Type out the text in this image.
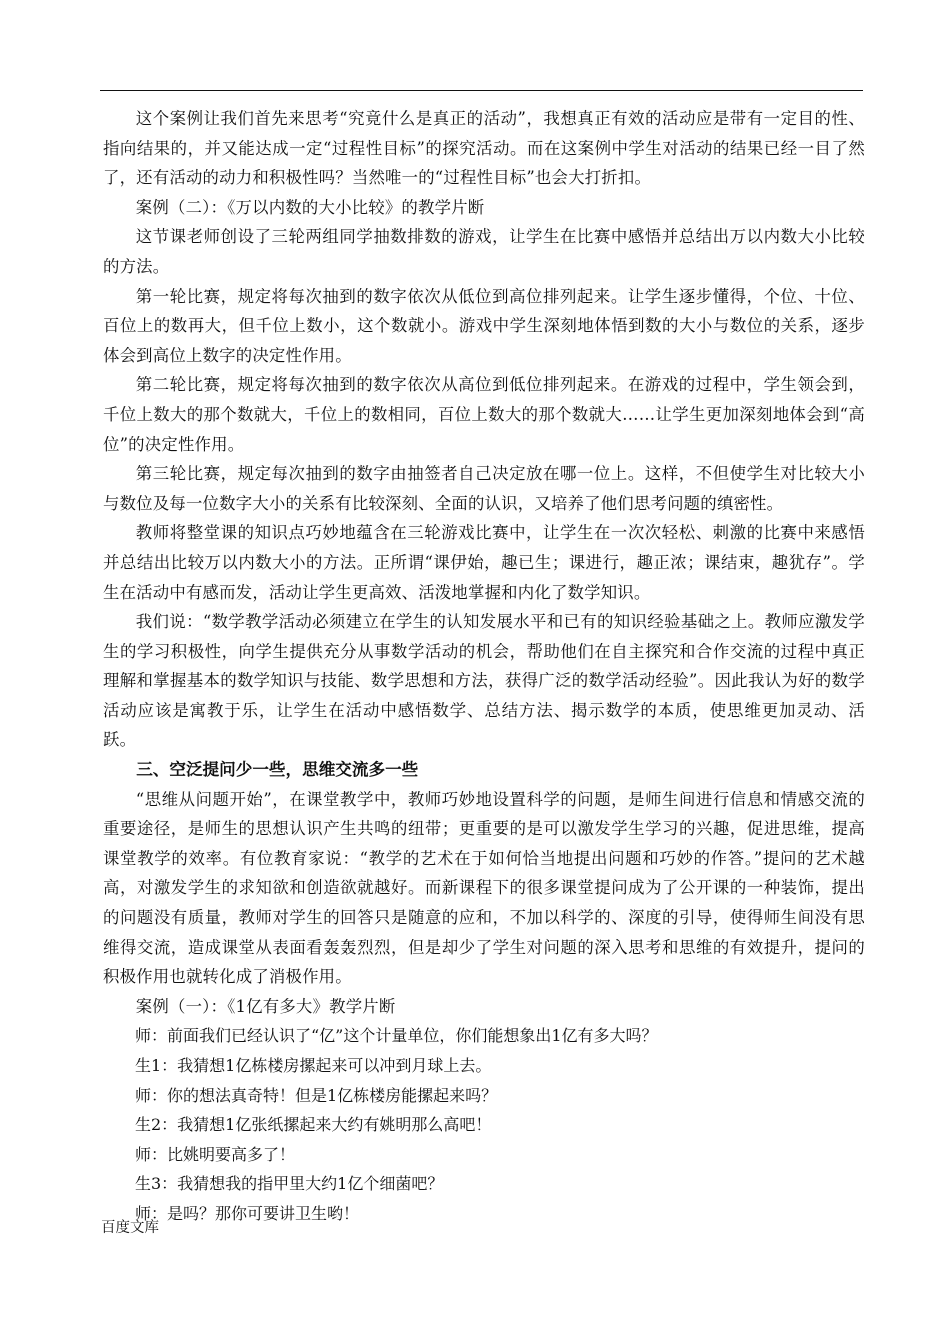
这个案例让我们首先来思考“究竟什么是真正的活动”，我想真正有效的活动应是带有一定目的性、指向结果的，并又能达成一定“过程性目标”的探究活动。而在这案例中学生对活动的结果已经一目了然了，还有活动的动力和积极性吗？当然唯一的“过程性目标”也会大打折扣。

案例（二）：《万以内数的大小比较》的教学片断

这节课老师创设了三轮两组同学抽数排数的游戏，让学生在比赛中感悟并总结出万以内数大小比较的方法。

第一轮比赛，规定将每次抽到的数字依次从低位到高位排列起来。让学生逐步懂得，个位、十位、百位上的数再大，但千位上数小，这个数就小。游戏中学生深刻地体悟到数的大小与数位的关系，逐步体会到高位上数字的决定性作用。

第二轮比赛，规定将每次抽到的数字依次从高位到低位排列起来。在游戏的过程中，学生领会到，千位上数大的那个数就大，千位上的数相同，百位上数大的那个数就大……让学生更加深刻地体会到“高位”的决定性作用。

第三轮比赛，规定每次抽到的数字由抽签者自己决定放在哪一位上。这样，不但使学生对比较大小与数位及每一位数字大小的关系有比较深刻、全面的认识，又培养了他们思考问题的缜密性。

教师将整堂课的知识点巧妙地蕴含在三轮游戏比赛中，让学生在一次次轻松、刺激的比赛中来感悟并总结出比较万以内数大小的方法。正所谓“课伊始，趣已生；课进行，趣正浓；课结束，趣犹存”。学生在活动中有感而发，活动让学生更高效、活泼地掌握和内化了数学知识。

我们说：“数学教学活动必须建立在学生的认知发展水平和已有的知识经验基础之上。教师应激发学生的学习积极性，向学生提供充分从事数学活动的机会，帮助他们在自主探究和合作交流的过程中真正理解和掌握基本的数学知识与技能、数学思想和方法，获得广泛的数学活动经验”。因此我认为好的数学活动应该是寓教于乐，让学生在活动中感悟数学、总结方法、揭示数学的本质，使思维更加灵动、活跃。

三、空泛提问少一些，思维交流多一些

“思维从问题开始”，在课堂教学中，教师巧妙地设置科学的问题，是师生间进行信息和情感交流的重要途径，是师生的思想认识产生共鸣的纽带；更重要的是可以激发学生学习的兴趣，促进思维，提高课堂教学的效率。有位教育家说：“教学的艺术在于如何恰当地提出问题和巧妙的作答。”提问的艺术越高，对激发学生的求知欲和创造欲就越好。而新课程下的很多课堂提问成为了公开课的一种装饰，提出的问题没有质量，教师对学生的回答只是随意的应和，不加以科学的、深度的引导，使得师生间没有思维得交流，造成课堂从表面看轰轰烈烈，但是却少了学生对问题的深入思考和思维的有效提升，提问的积极作用也就转化成了消极作用。

案例（一）：《1亿有多大》教学片断

师：前面我们已经认识了“亿”这个计量单位，你们能想象出1亿有多大吗？

生1：我猜想1亿栋楼房摞起来可以冲到月球上去。

师：你的想法真奇特！但是1亿栋楼房能摞起来吗？

生2：我猜想1亿张纸摞起来大约有姚明那么高吧！

师：比姚明要高多了！

生3：我猜想我的指甲里大约1亿个细菌吧？

师：是吗？那你可要讲卫生哟！

百度文库
